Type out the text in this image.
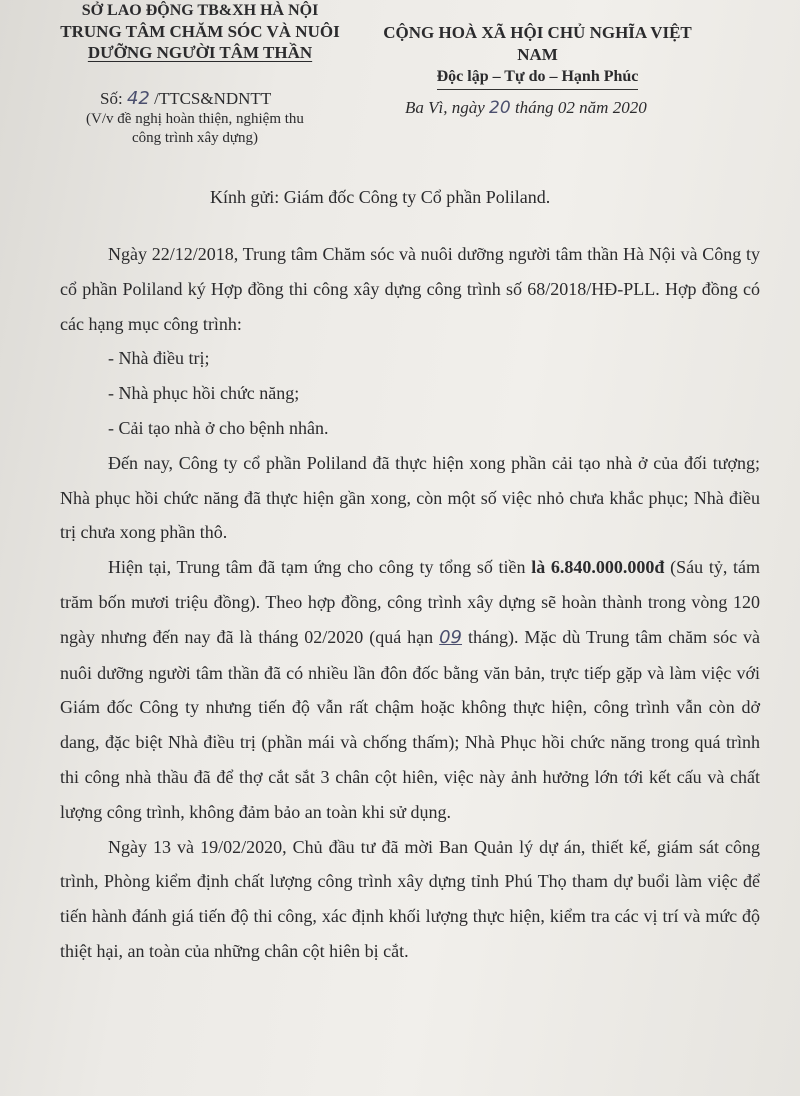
SỞ LAO ĐỘNG TB&XH HÀ NỘI
TRUNG TÂM CHĂM SÓC VÀ NUÔI
DƯỠNG NGƯỜI TÂM THẦN
CỘNG HOÀ XÃ HỘI CHỦ NGHĨA VIỆT NAM
Độc lập – Tự do – Hạnh Phúc
Số: 42 /TTCS&NDNTT
(V/v đề nghị hoàn thiện, nghiệm thu
công trình xây dựng)
Ba Vì, ngày 20 tháng 02 năm 2020
Kính gửi: Giám đốc Công ty Cổ phần Poliland.

Ngày 22/12/2018, Trung tâm Chăm sóc và nuôi dưỡng người tâm thần Hà Nội và Công ty cổ phần Poliland ký Hợp đồng thi công xây dựng công trình số 68/2018/HĐ-PLL. Hợp đồng có các hạng mục công trình:

- Nhà điều trị;

- Nhà phục hồi chức năng;

- Cải tạo nhà ở cho bệnh nhân.

Đến nay, Công ty cổ phần Poliland đã thực hiện xong phần cải tạo nhà ở của đối tượng; Nhà phục hồi chức năng đã thực hiện gần xong, còn một số việc nhỏ chưa khắc phục; Nhà điều trị chưa xong phần thô.

Hiện tại, Trung tâm đã tạm ứng cho công ty tổng số tiền là 6.840.000.000đ (Sáu tỷ, tám trăm bốn mươi triệu đồng). Theo hợp đồng, công trình xây dựng sẽ hoàn thành trong vòng 120 ngày nhưng đến nay đã là tháng 02/2020 (quá hạn 09 tháng). Mặc dù Trung tâm chăm sóc và nuôi dưỡng người tâm thần đã có nhiều lần đôn đốc bằng văn bản, trực tiếp gặp và làm việc với Giám đốc Công ty nhưng tiến độ vẫn rất chậm hoặc không thực hiện, công trình vẫn còn dở dang, đặc biệt Nhà điều trị (phần mái và chống thấm); Nhà Phục hồi chức năng trong quá trình thi công nhà thầu đã để thợ cắt sắt 3 chân cột hiên, việc này ảnh hưởng lớn tới kết cấu và chất lượng công trình, không đảm bảo an toàn khi sử dụng.

Ngày 13 và 19/02/2020, Chủ đầu tư đã mời Ban Quản lý dự án, thiết kế, giám sát công trình, Phòng kiểm định chất lượng công trình xây dựng tỉnh Phú Thọ tham dự buổi làm việc để tiến hành đánh giá tiến độ thi công, xác định khối lượng thực hiện, kiểm tra các vị trí và mức độ thiệt hại, an toàn của những chân cột hiên bị cắt.
